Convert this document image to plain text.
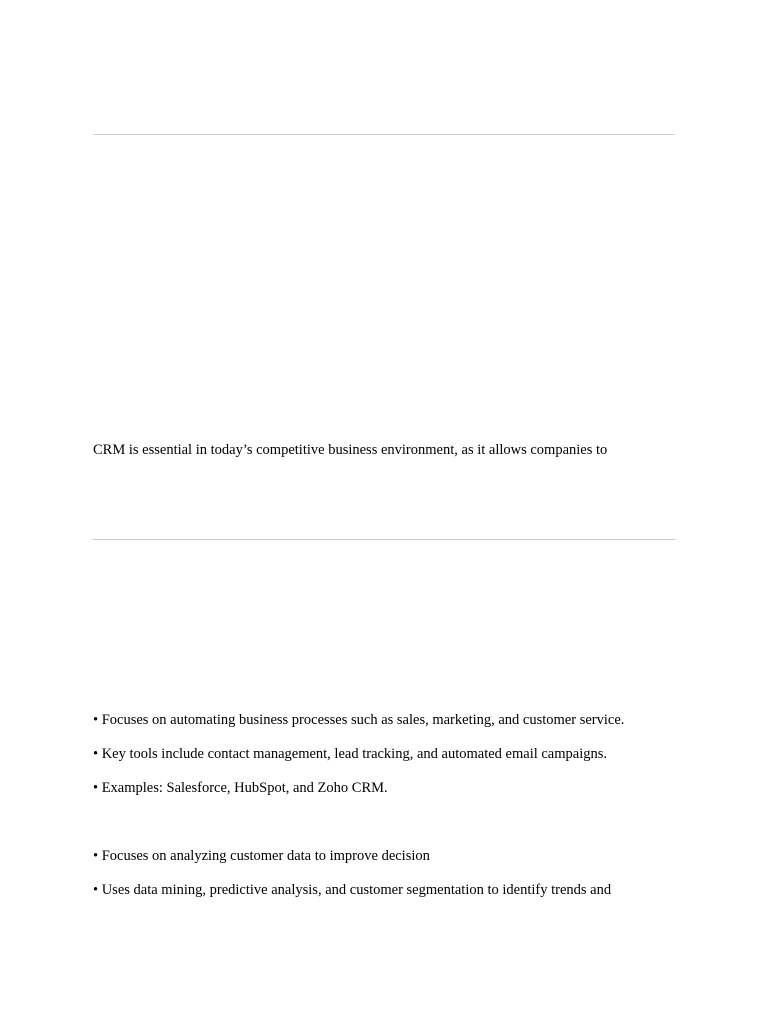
CRM is essential in today’s competitive business environment, as it allows companies to
• Focuses on automating business processes such as sales, marketing, and customer service.
• Key tools include contact management, lead tracking, and automated email campaigns.
• Examples: Salesforce, HubSpot, and Zoho CRM.
• Focuses on analyzing customer data to improve decision
• Uses data mining, predictive analysis, and customer segmentation to identify trends and
